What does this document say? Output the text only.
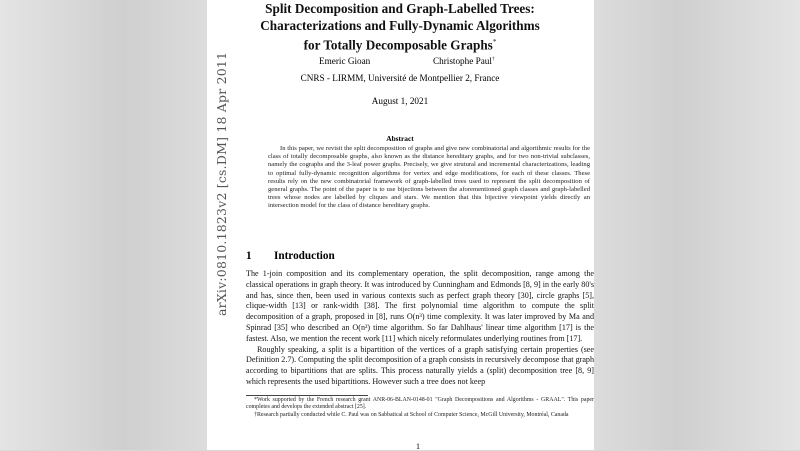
arXiv:0810.1823v2 [cs.DM] 18 Apr 2011
Split Decomposition and Graph-Labelled Trees:
Characterizations and Fully-Dynamic Algorithms
for Totally Decomposable Graphs*
Emeric Gioan	Christophe Paul†
CNRS - LIRMM, Université de Montpellier 2, France
August 1, 2021
Abstract

In this paper, we revisit the split decomposition of graphs and give new combinatorial and algorithmic results for the class of totally decomposable graphs, also known as the distance hereditary graphs, and for two non-trivial subclasses, namely the cographs and the 3-leaf power graphs. Precisely, we give strutural and incremental characterizations, leading to optimal fully-dynamic recognition algorithms for vertex and edge modifications, for each of these classes. These results rely on the new combinatorial framework of graph-labelled trees used to represent the split decomposition of general graphs. The point of the paper is to use bijections between the aforementioned graph classes and graph-labelled trees whose nodes are labelled by cliques and stars. We mention that this bijective viewpoint yields directly an intersection model for the class of distance hereditary graphs.

1 Introduction

The 1-join composition and its complementary operation, the split decomposition, range among the classical operations in graph theory. It was introduced by Cunningham and Edmonds [8, 9] in the early 80's and has, since then, been used in various contexts such as perfect graph theory [30], circle graphs [5], clique-width [13] or rank-width [38]. The first polynomial time algorithm to compute the split decomposition of a graph, proposed in [8], runs O(n³) time complexity. It was later improved by Ma and Spinrad [35] who described an O(n²) time algorithm. So far Dahlhaus' linear time algorithm [17] is the fastest. Also, we mention the recent work [11] which nicely reformulates underlying routines from [17].

Roughly speaking, a split is a bipartition of the vertices of a graph satisfying certain properties (see Definition 2.7). Computing the split decomposition of a graph consists in recursively decompose that graph according to bipartitions that are splits. This process naturally yields a (split) decomposition tree [8, 9] which represents the used bipartitions. However such a tree does not keep

*Work supported by the French research grant ANR-06-BLAN-0148-01 "Graph Decompositions and Algorithms - GRAAL". This paper completes and develops the extended abstract [25].

†Research partially conducted while C. Paul was on Sabbatical at School of Computer Science, McGill University, Montréal, Canada

1
